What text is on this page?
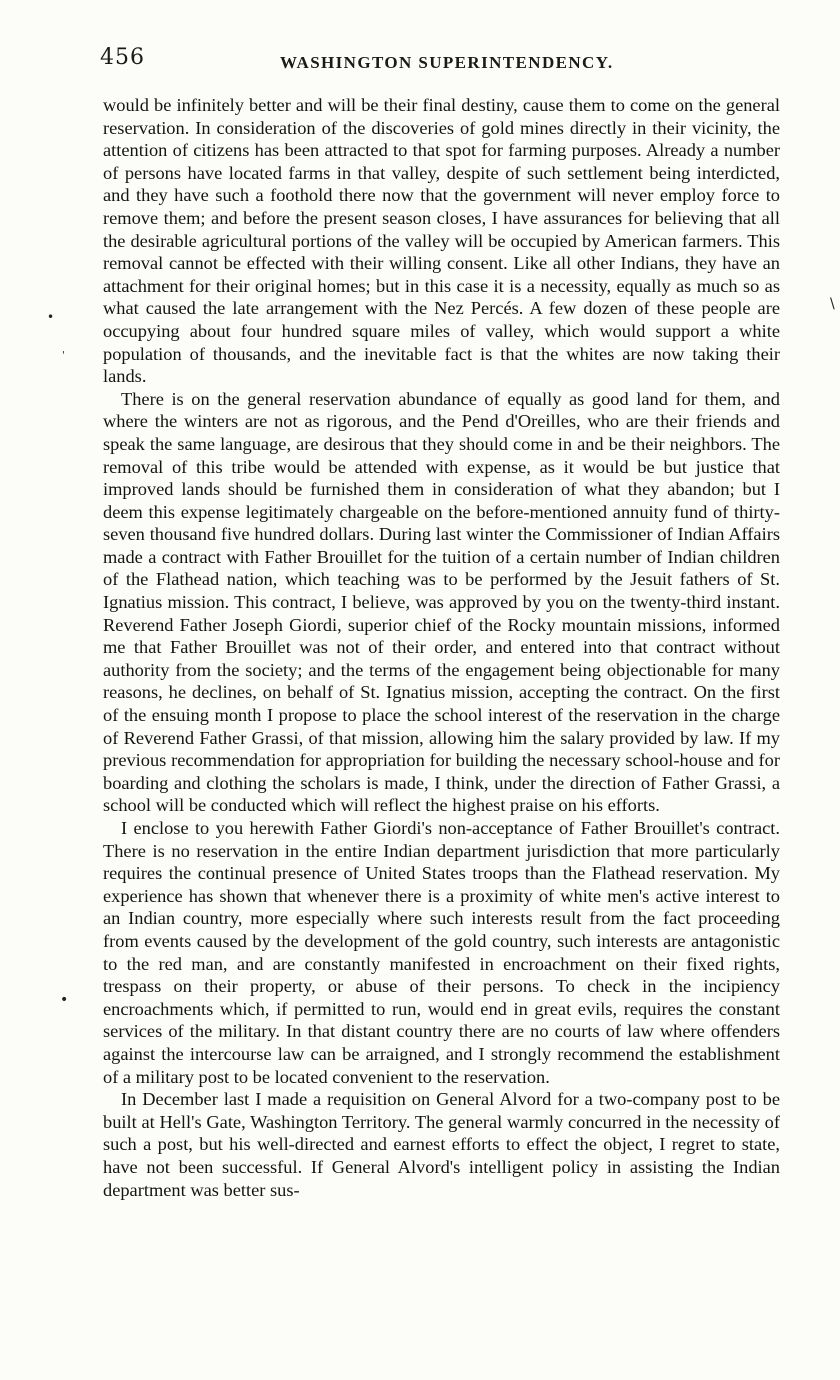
456	WASHINGTON SUPERINTENDENCY.

would be infinitely better and will be their final destiny, cause them to come on the general reservation. In consideration of the discoveries of gold mines directly in their vicinity, the attention of citizens has been attracted to that spot for farming purposes. Already a number of persons have located farms in that valley, despite of such settlement being interdicted, and they have such a foothold there now that the government will never employ force to remove them; and before the present season closes, I have assurances for believing that all the desirable agricultural portions of the valley will be occupied by American farmers. This removal cannot be effected with their willing consent. Like all other Indians, they have an attachment for their original homes; but in this case it is a necessity, equally as much so as what caused the late arrangement with the Nez Percés. A few dozen of these people are occupying about four hundred square miles of valley, which would support a white population of thousands, and the inevitable fact is that the whites are now taking their lands.

There is on the general reservation abundance of equally as good land for them, and where the winters are not as rigorous, and the Pend d'Oreilles, who are their friends and speak the same language, are desirous that they should come in and be their neighbors. The removal of this tribe would be attended with expense, as it would be but justice that improved lands should be furnished them in consideration of what they abandon; but I deem this expense legitimately chargeable on the before-mentioned annuity fund of thirty-seven thousand five hundred dollars. During last winter the Commissioner of Indian Affairs made a contract with Father Brouillet for the tuition of a certain number of Indian children of the Flathead nation, which teaching was to be performed by the Jesuit fathers of St. Ignatius mission. This contract, I believe, was approved by you on the twenty-third instant. Reverend Father Joseph Giordi, superior chief of the Rocky mountain missions, informed me that Father Brouillet was not of their order, and entered into that contract without authority from the society; and the terms of the engagement being objectionable for many reasons, he declines, on behalf of St. Ignatius mission, accepting the contract. On the first of the ensuing month I propose to place the school interest of the reservation in the charge of Reverend Father Grassi, of that mission, allowing him the salary provided by law. If my previous recommendation for appropriation for building the necessary school-house and for boarding and clothing the scholars is made, I think, under the direction of Father Grassi, a school will be conducted which will reflect the highest praise on his efforts.

I enclose to you herewith Father Giordi's non-acceptance of Father Brouillet's contract. There is no reservation in the entire Indian department jurisdiction that more particularly requires the continual presence of United States troops than the Flathead reservation. My experience has shown that whenever there is a proximity of white men's active interest to an Indian country, more especially where such interests result from the fact proceeding from events caused by the development of the gold country, such interests are antagonistic to the red man, and are constantly manifested in encroachment on their fixed rights, trespass on their property, or abuse of their persons. To check in the incipiency encroachments which, if permitted to run, would end in great evils, requires the constant services of the military. In that distant country there are no courts of law where offenders against the intercourse law can be arraigned, and I strongly recommend the establishment of a military post to be located convenient to the reservation.

In December last I made a requisition on General Alvord for a two-company post to be built at Hell's Gate, Washington Territory. The general warmly concurred in the necessity of such a post, but his well-directed and earnest efforts to effect the object, I regret to state, have not been successful. If General Alvord's intelligent policy in assisting the Indian department was better sus-

\
•
'
•
